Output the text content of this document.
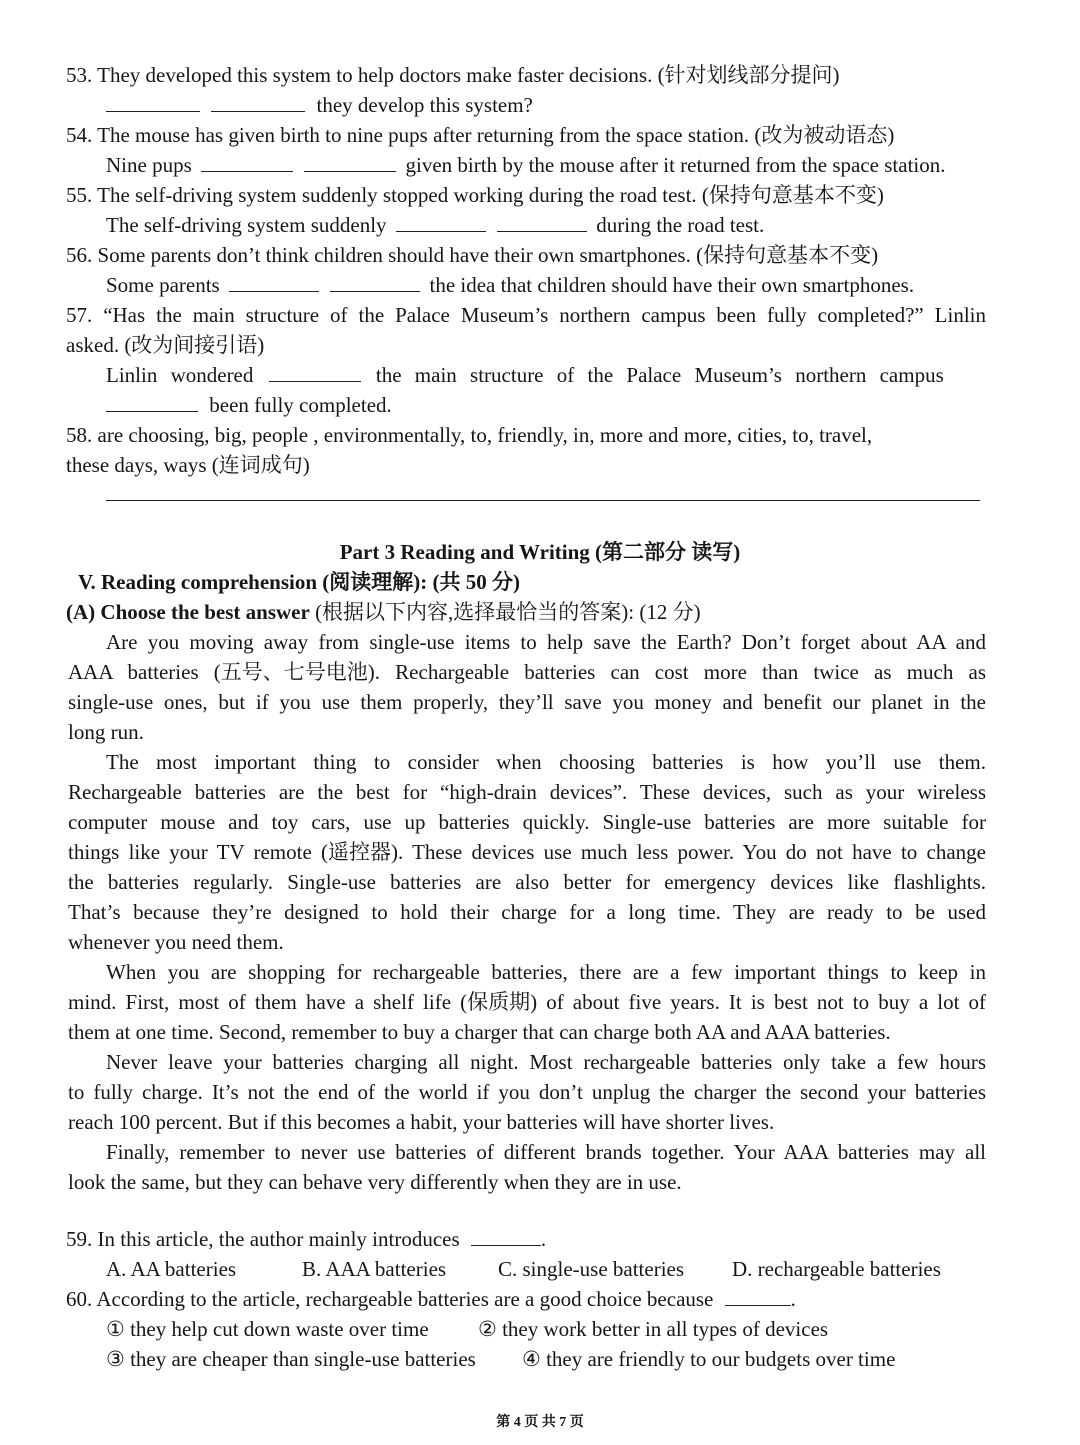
53. They developed this system to help doctors make faster decisions. (针对划线部分提问)
they develop this system?
54. The mouse has given birth to nine pups after returning from the space station. (改为被动语态)
Nine pups	given birth by the mouse after it returned from the space station.
55. The self-driving system suddenly stopped working during the road test. (保持句意基本不变)
The self-driving system suddenly	during the road test.
56. Some parents don’t think children should have their own smartphones. (保持句意基本不变)
Some parents	the idea that children should have their own smartphones.
57. “Has the main structure of the Palace Museum’s northern campus been fully completed?” Linlin
asked. (改为间接引语)
Linlin wondered	the main structure of the Palace Museum’s northern campus
been fully completed.
58. are choosing, big, people , environmentally, to, friendly, in, more and more, cities, to, travel,
these days, ways (连词成句)
Part 3 Reading and Writing (第二部分 读写)
V. Reading comprehension (阅读理解): (共 50 分)
(A) Choose the best answer (根据以下内容,选择最恰当的答案): (12 分)
Are you moving away from single-use items to help save the Earth? Don’t forget about AA and
AAA batteries (五号、七号电池). Rechargeable batteries can cost more than twice as much as
single-use ones, but if you use them properly, they’ll save you money and benefit our planet in the
long run.
The most important thing to consider when choosing batteries is how you’ll use them.
Rechargeable batteries are the best for “high-drain devices”. These devices, such as your wireless
computer mouse and toy cars, use up batteries quickly. Single-use batteries are more suitable for
things like your TV remote (遥控器). These devices use much less power. You do not have to change
the batteries regularly. Single-use batteries are also better for emergency devices like flashlights.
That’s because they’re designed to hold their charge for a long time. They are ready to be used
whenever you need them.
When you are shopping for rechargeable batteries, there are a few important things to keep in
mind. First, most of them have a shelf life (保质期) of about five years. It is best not to buy a lot of
them at one time. Second, remember to buy a charger that can charge both AA and AAA batteries.
Never leave your batteries charging all night. Most rechargeable batteries only take a few hours
to fully charge. It’s not the end of the world if you don’t unplug the charger the second your batteries
reach 100 percent. But if this becomes a habit, your batteries will have shorter lives.
Finally, remember to never use batteries of different brands together. Your AAA batteries may all
look the same, but they can behave very differently when they are in use.
59. In this article, the author mainly introduces	.
A. AA batteries	B. AAA batteries C. single-use batteries D. rechargeable batteries
60. According to the article, rechargeable batteries are a good choice because	.
① they help cut down waste over time ② they work better in all types of devices
③ they are cheaper than single-use batteries ④ they are friendly to our budgets over time
第 4 页 共 7 页
